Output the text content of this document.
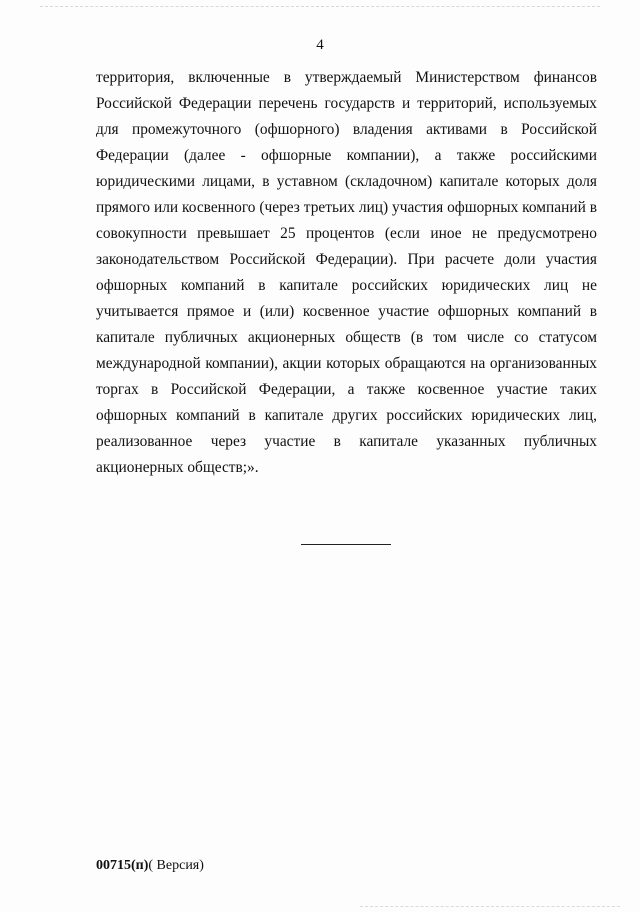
4

территория, включенные в утверждаемый Министерством финансов Российской Федерации перечень государств и территорий, используемых для промежуточного (офшорного) владения активами в Российской Федерации (далее - офшорные компании), а также российскими юридическими лицами, в уставном (складочном) капитале которых доля прямого или косвенного (через третьих лиц) участия офшорных компаний в совокупности превышает 25 процентов (если иное не предусмотрено законодательством Российской Федерации). При расчете доли участия офшорных компаний в капитале российских юридических лиц не учитывается прямое и (или) косвенное участие офшорных компаний в капитале публичных акционерных обществ (в том числе со статусом международной компании), акции которых обращаются на организованных торгах в Российской Федерации, а также косвенное участие таких офшорных компаний в капитале других российских юридических лиц, реализованное через участие в капитале указанных публичных акционерных обществ;».

00715(п)( Версия)
